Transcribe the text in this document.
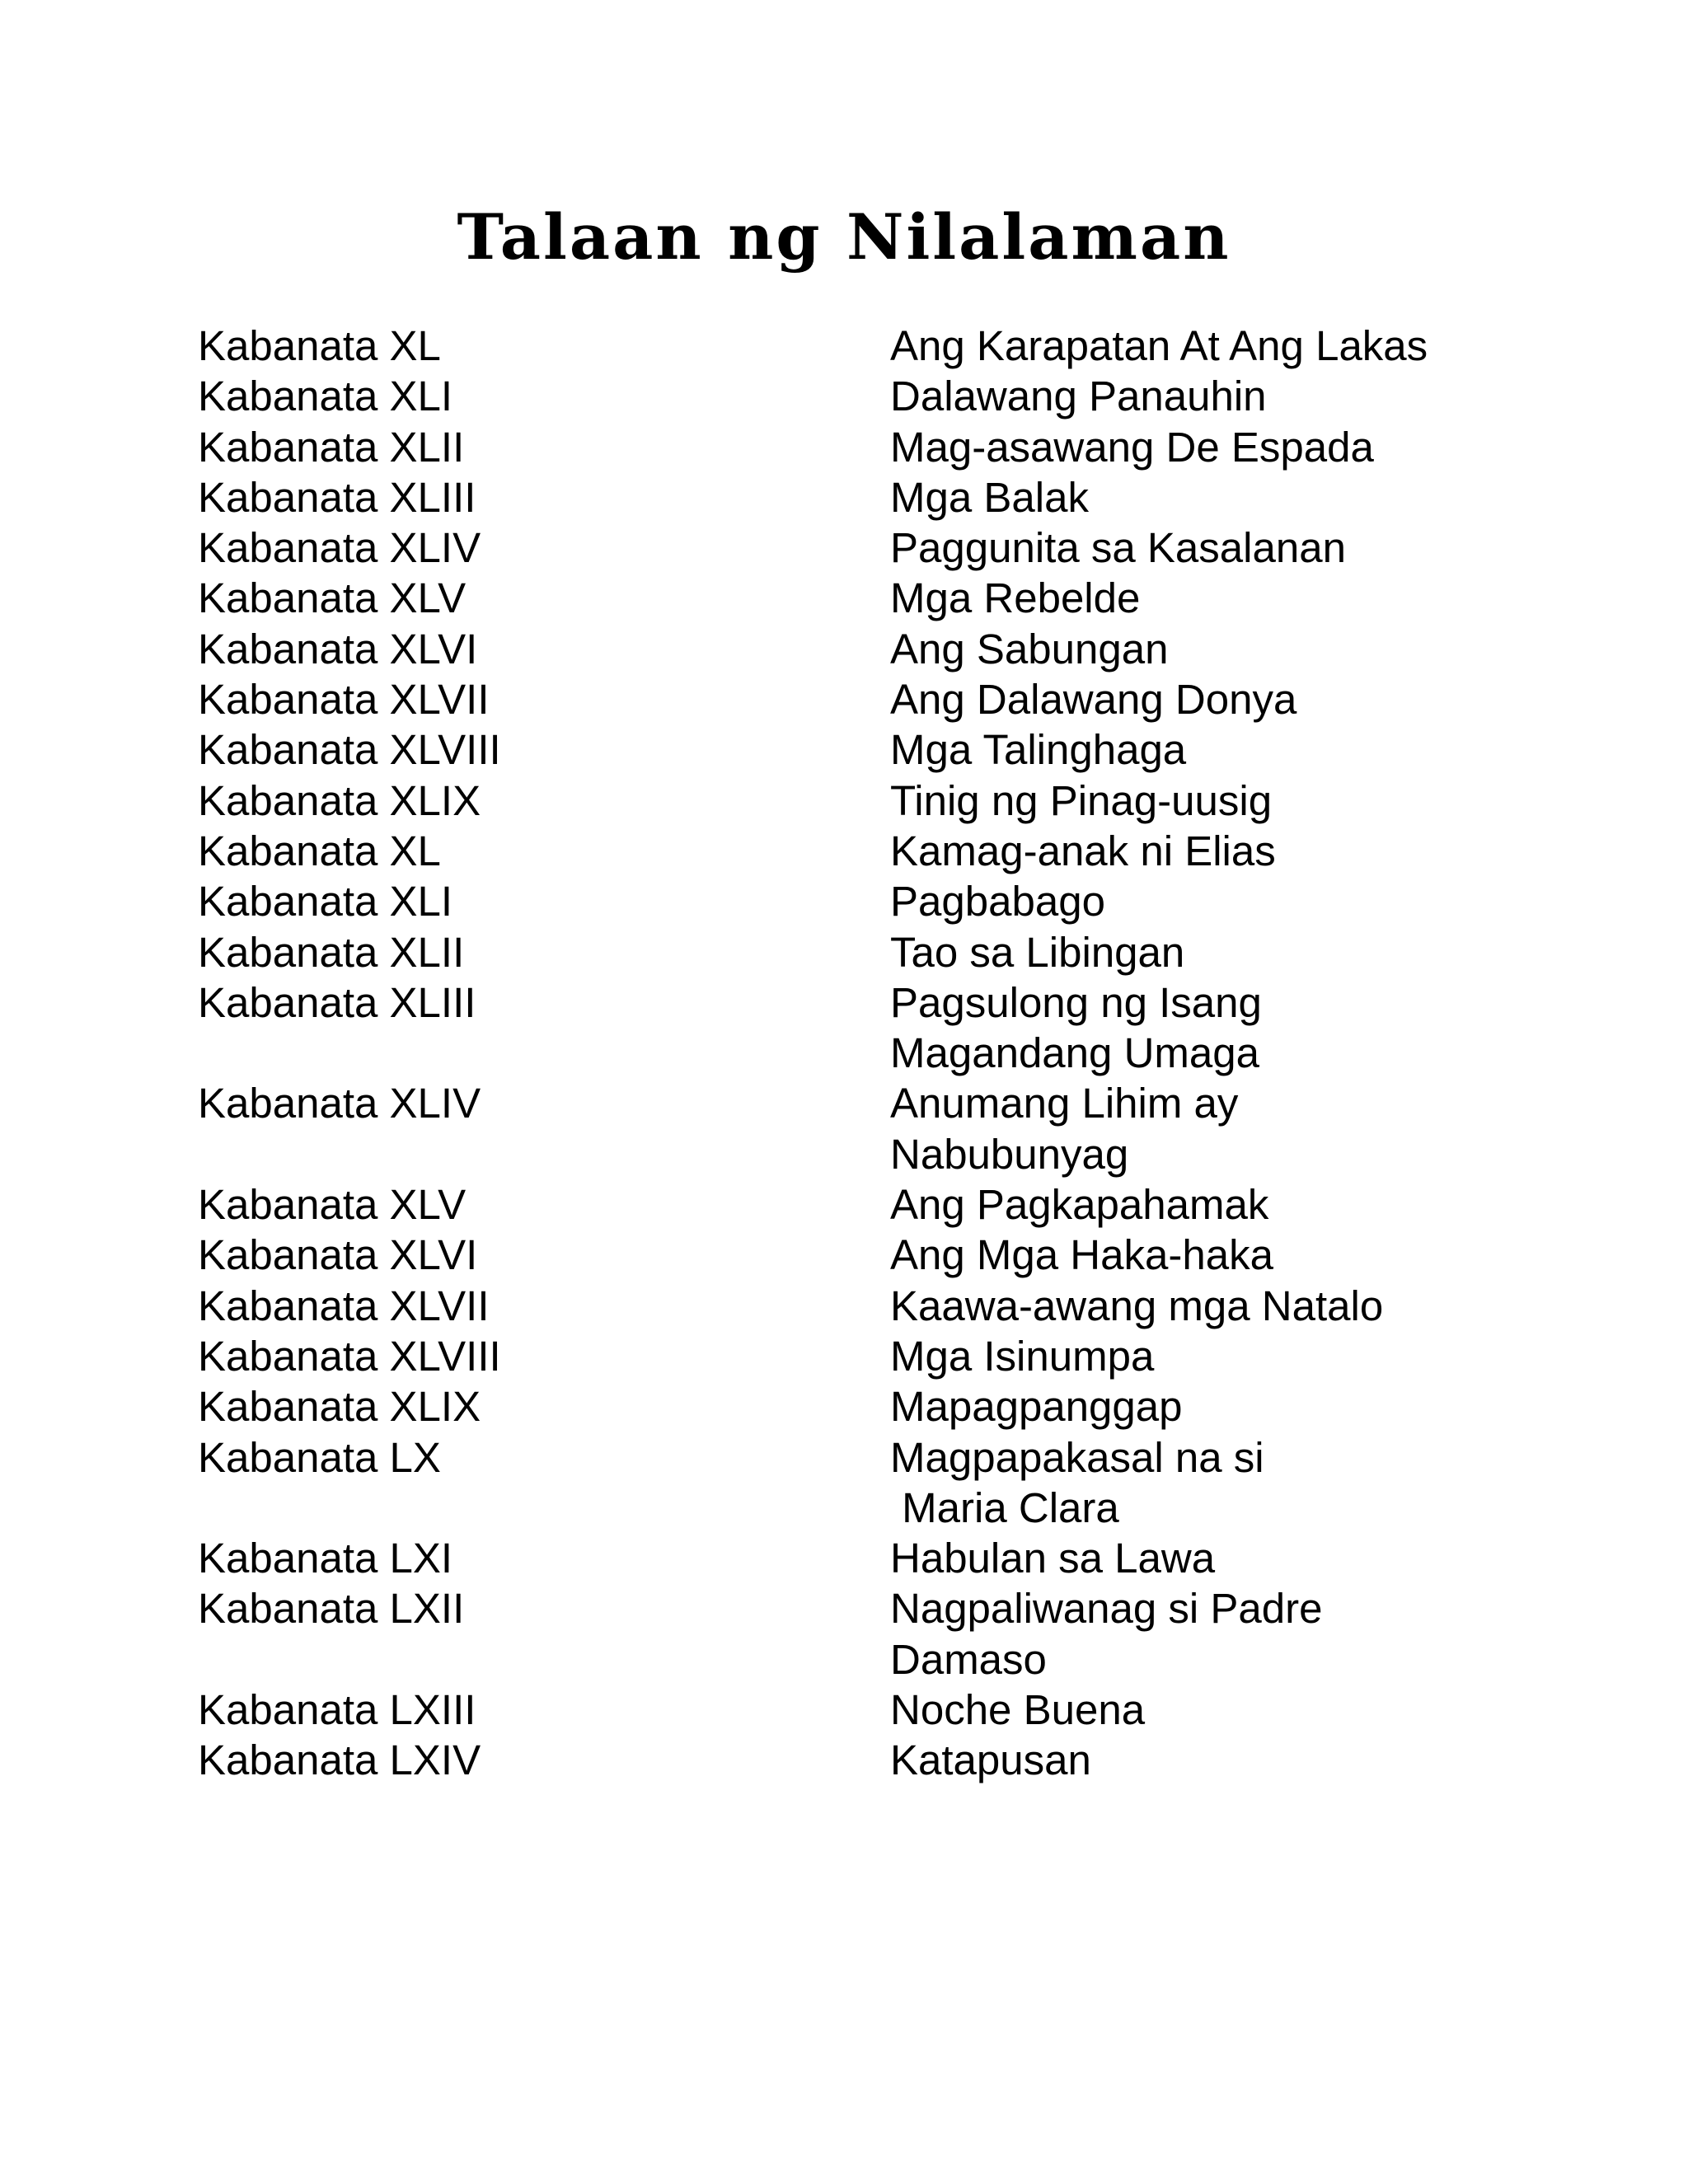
Talaan ng Nilalaman
Kabanata XL	Ang Karapatan At Ang Lakas
Kabanata XLI	Dalawang Panauhin
Kabanata XLII	Mag-asawang De Espada
Kabanata XLIII	Mga Balak
Kabanata XLIV	Paggunita sa Kasalanan
Kabanata XLV	Mga Rebelde
Kabanata XLVI	Ang Sabungan
Kabanata XLVII	Ang Dalawang Donya
Kabanata XLVIII	Mga Talinghaga
Kabanata XLIX	Tinig ng Pinag-uusig
Kabanata XL	Kamag-anak ni Elias
Kabanata XLI	Pagbabago
Kabanata XLII	Tao sa Libingan
Kabanata XLIII	Pagsulong ng Isang
Magandang Umaga
Kabanata XLIV	Anumang Lihim ay
Nabubunyag
Kabanata XLV	Ang Pagkapahamak
Kabanata XLVI	Ang Mga Haka-haka
Kabanata XLVII	Kaawa-awang mga Natalo
Kabanata XLVIII	Mga Isinumpa
Kabanata XLIX	Mapagpanggap
Kabanata LX	Magpapakasal na si
Maria Clara
Kabanata LXI	Habulan sa Lawa
Kabanata LXII	Nagpaliwanag si Padre
Damaso
Kabanata LXIII	Noche Buena
Kabanata LXIV	Katapusan
